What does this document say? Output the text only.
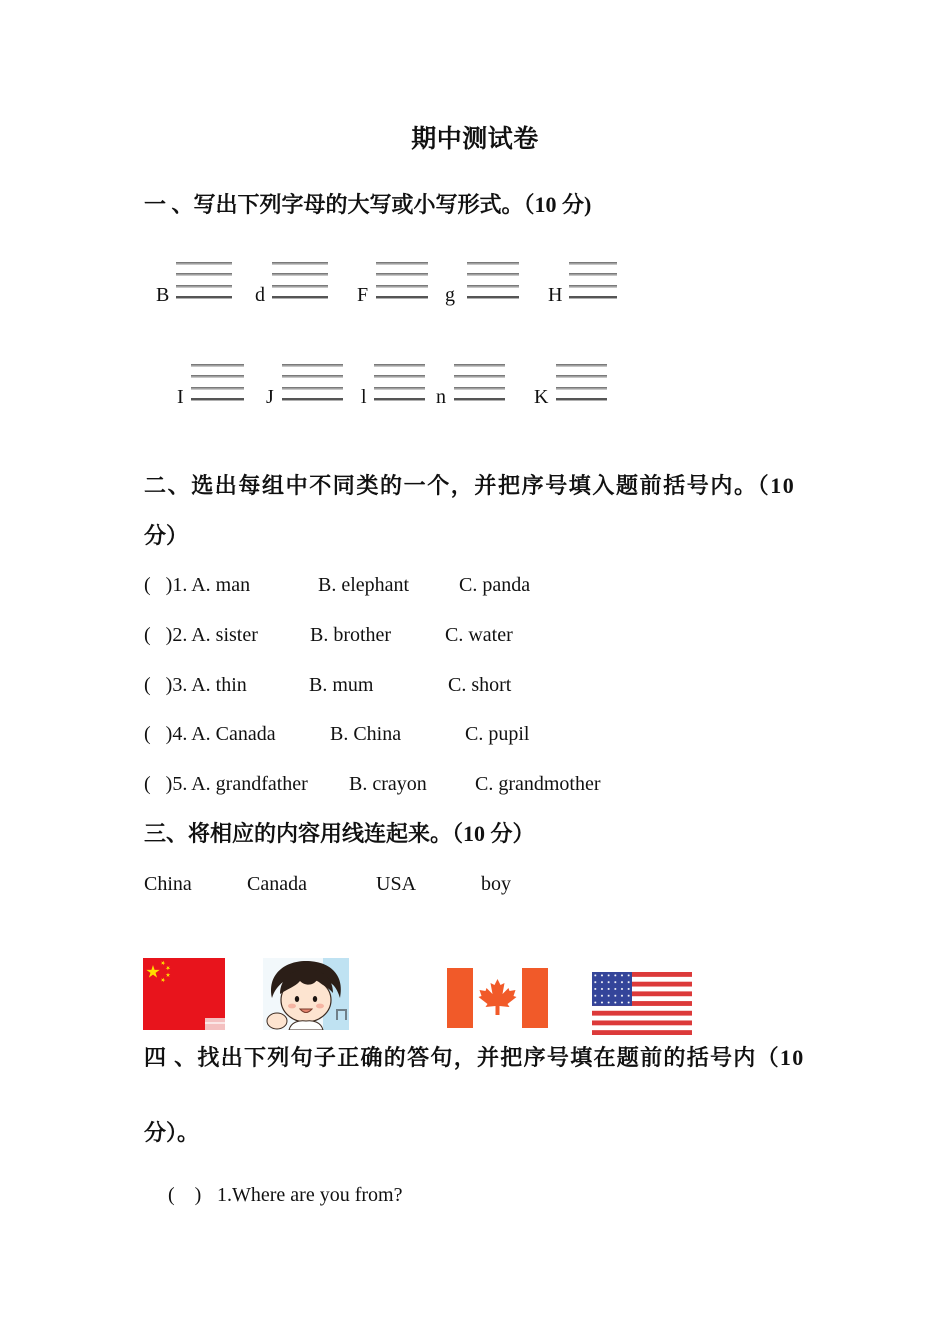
期中测试卷
一 、写出下列字母的大写或小写形式。（10 分)
B	d	F	g	H
I	J	l	n	K
二、选出每组中不同类的一个，并把序号填入题前括号内。（10
分）
(   )1. A. man	B. elephant C. panda
(   )2. A. sister	B. brother	C. water
(   )3. A. thin	B. mum	C. short
(   )4. A. Canada	B. China	C. pupil
(   )5. A. grandfather B. crayon C. grandmother
三、将相应的内容用线连起来。（10 分）
China	Canada	USA	boy
四 、找出下列句子正确的答句，并把序号填在题前的括号内（10
分）。
(    ) 1.Where are you from?
